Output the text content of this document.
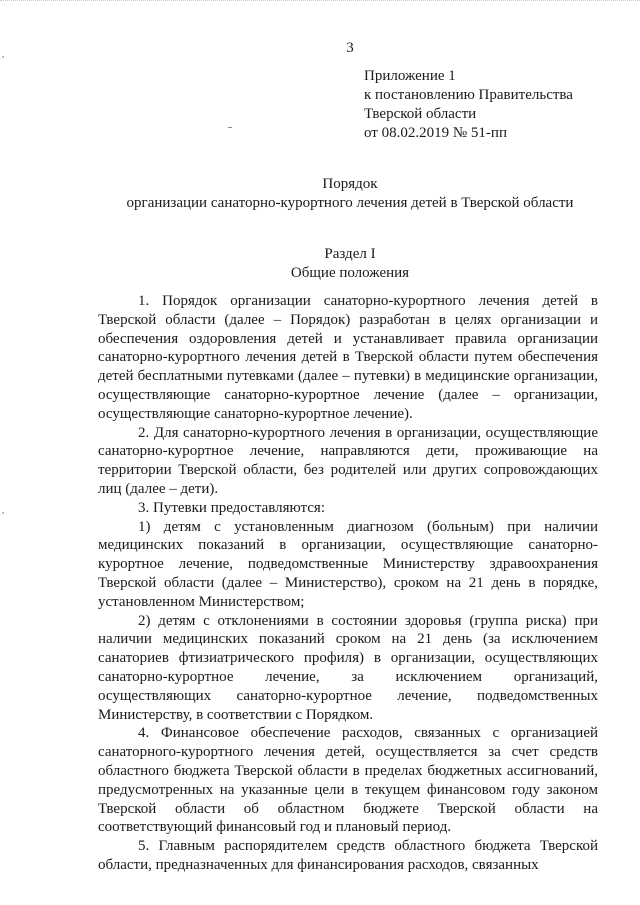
3
Приложение 1
к постановлению Правительства
Тверской области
от 08.02.2019 № 51-пп
Порядок
организации санаторно-курортного лечения детей в Тверской области
Раздел I
Общие положения

1. Порядок организации санаторно-курортного лечения детей в Тверской области (далее – Порядок) разработан в целях организации и обеспечения оздоровления детей и устанавливает правила организации санаторно-курортного лечения детей в Тверской области путем обеспечения детей бесплатными путевками (далее – путевки) в медицинские организации, осуществляющие санаторно-курортное лечение (далее – организации, осуществляющие санаторно-курортное лечение).

2. Для санаторно-курортного лечения в организации, осуществляющие санаторно-курортное лечение, направляются дети, проживающие на территории Тверской области, без родителей или других сопровождающих лиц (далее – дети).

3. Путевки предоставляются:

1) детям с установленным диагнозом (больным) при наличии медицинских показаний в организации, осуществляющие санаторно-курортное лечение, подведомственные Министерству здравоохранения Тверской области (далее – Министерство), сроком на 21 день в порядке, установленном Министерством;

2) детям с отклонениями в состоянии здоровья (группа риска) при наличии медицинских показаний сроком на 21 день (за исключением санаториев фтизиатрического профиля) в организации, осуществляющих санаторно-курортное лечение, за исключением организаций, осуществляющих санаторно-курортное лечение, подведомственных Министерству, в соответствии с Порядком.

4. Финансовое обеспечение расходов, связанных с организацией санаторного-курортного лечения детей, осуществляется за счет средств областного бюджета Тверской области в пределах бюджетных ассигнований, предусмотренных на указанные цели в текущем финансовом году законом Тверской области об областном бюджете Тверской области на соответствующий финансовый год и плановый период.

5. Главным распорядителем средств областного бюджета Тверской области, предназначенных для финансирования расходов, связанных
